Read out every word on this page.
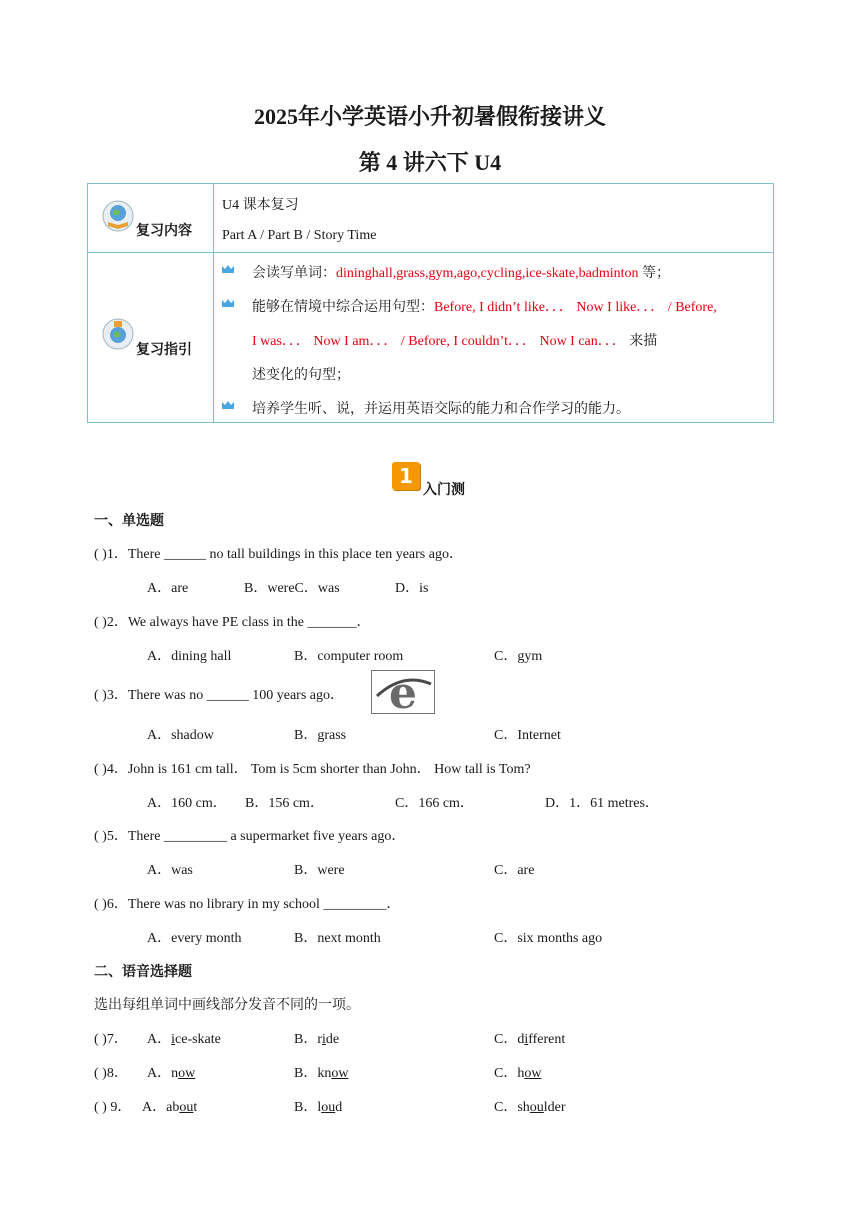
2025年小学英语小升初暑假衔接讲义
第 4 讲六下 U4
复习内容
U4 课本复习
Part A / Part B / Story Time
复习指引
会读写单词：dininghall,grass,gym,ago,cycling,ice-skate,badminton 等；
能够在情境中综合运用句型：Before, I didn’t like．．． Now I like．．． / Before,
I was．．． Now I am．．． / Before, I couldn’t．．． Now I can．．． 来描
述变化的句型；
培养学生听、说，并运用英语交际的能力和合作学习的能力。
1
入门测
一、单选题
( )1．There ______ no tall buildings in this place ten years ago．
A．are	B．wereC．was	D．is
( )2．We always have PE class in the _______．
A．dining hall	B．computer room	C．gym
( )3．There was no ______ 100 years ago． e
A．shadow	B．grass	C．Internet
( )4．John is 161 cm tall． Tom is 5cm shorter than John． How tall is Tom?
A．160 cm． B．156 cm．	C．166 cm．	D．1．61 metres．
( )5．There _________ a supermarket five years ago．
A．was	B．were	C．are
( )6．There was no library in my school _________．
A．every month	B．next month	C．six months ago
二、语音选择题
选出每组单词中画线部分发音不同的一项。
( )7． A．ice-skate	B．ride	C．different
( )8． A．now	B．know	C．how
( ) 9． A．about	B．loud	C．shoulder
